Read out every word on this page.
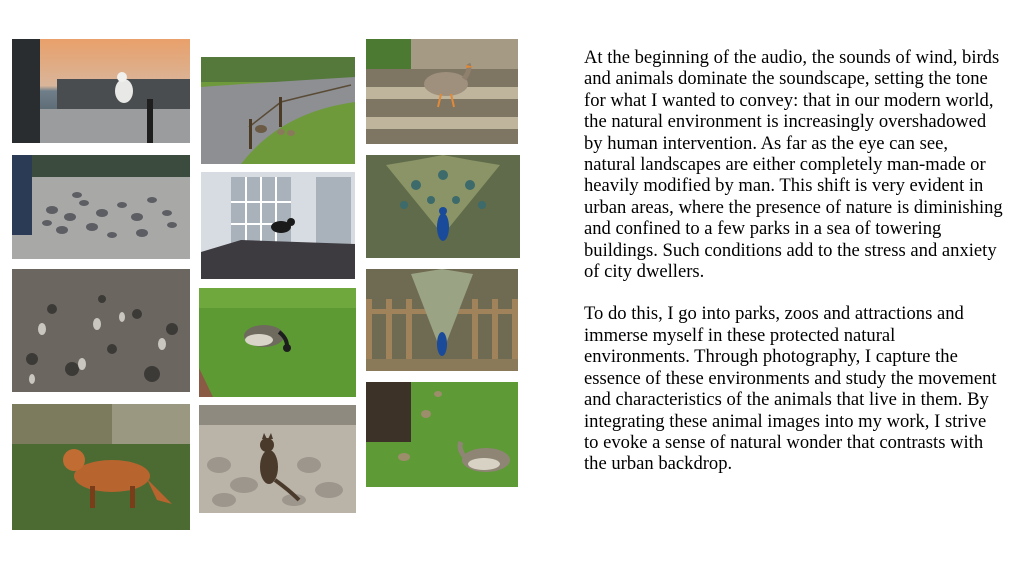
At the beginning of the audio, the sounds of wind, birds and animals dominate the soundscape, setting the tone for what I wanted to convey: that in our modern world, the natural environment is increasingly overshadowed by human intervention. As far as the eye can see, natural landscapes are either completely man-made or heavily modified by man. This shift is very evident in urban areas, where the presence of nature is diminishing and confined to a few parks in a sea of towering buildings. Such conditions add to the stress and anxiety of city dwellers.

To do this, I go into parks, zoos and attractions and immerse myself in these protected natural environments. Through photography, I capture the essence of these environments and study the movement and characteristics of the animals that live in them. By integrating these animal images into my work, I strive to evoke a sense of natural wonder that contrasts with the urban backdrop.
